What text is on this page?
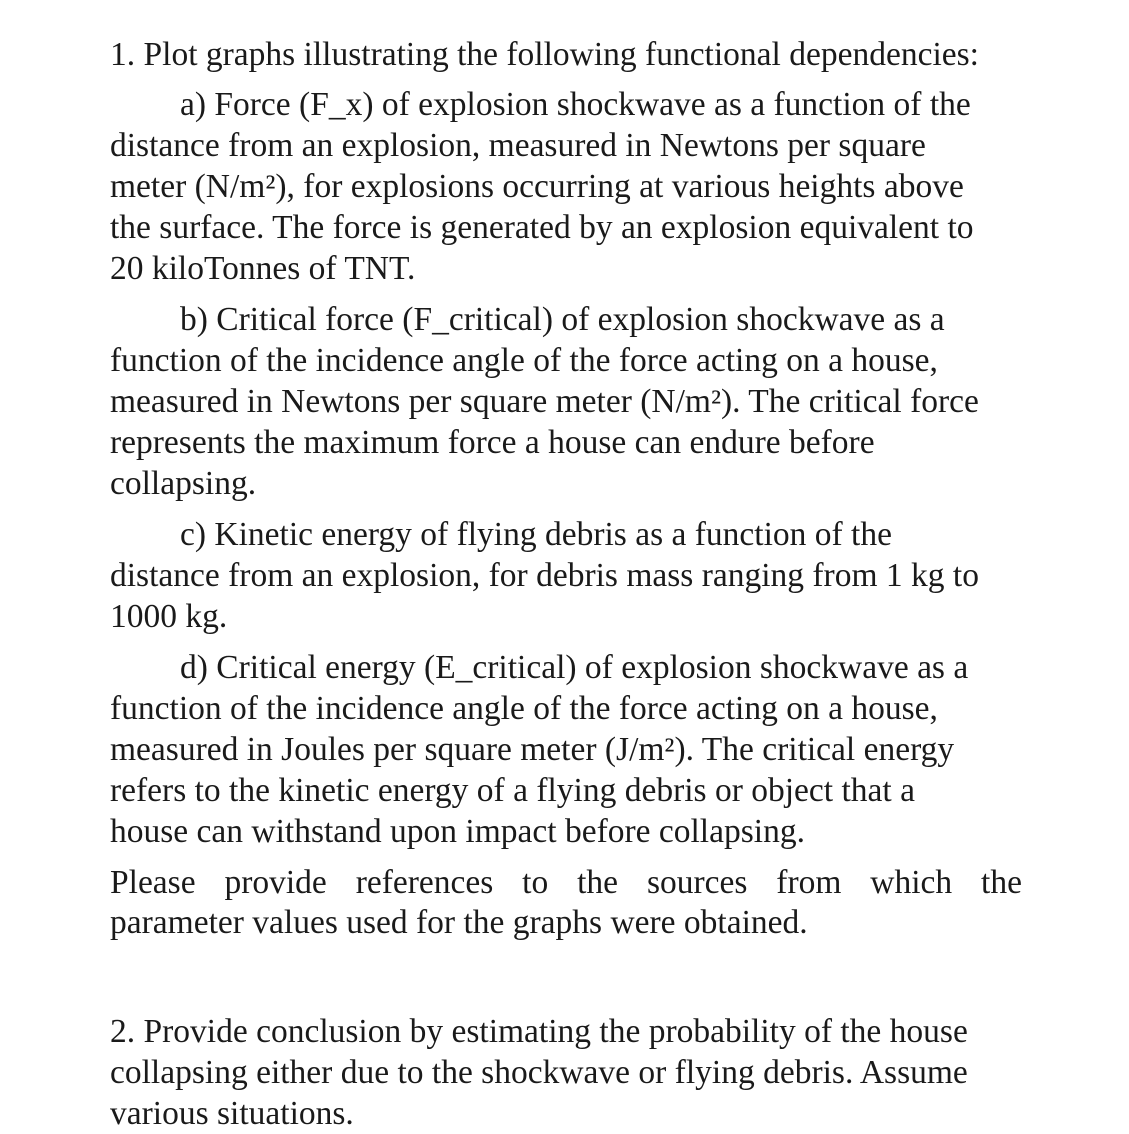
1. Plot graphs illustrating the following functional dependencies:
a) Force (F_x) of explosion shockwave as a function of the
distance from an explosion, measured in Newtons per square
meter (N/m²), for explosions occurring at various heights above
the surface. The force is generated by an explosion equivalent to
20 kiloTonnes of TNT.
b) Critical force (F_critical) of explosion shockwave as a
function of the incidence angle of the force acting on a house,
measured in Newtons per square meter (N/m²). The critical force
represents the maximum force a house can endure before
collapsing.
c) Kinetic energy of flying debris as a function of the
distance from an explosion, for debris mass ranging from 1 kg to
1000 kg.
d) Critical energy (E_critical) of explosion shockwave as a
function of the incidence angle of the force acting on a house,
measured in Joules per square meter (J/m²). The critical energy
refers to the kinetic energy of a flying debris or object that a
house can withstand upon impact before collapsing.
Please provide references to the sources from which the
parameter values used for the graphs were obtained.
2. Provide conclusion by estimating the probability of the house
collapsing either due to the shockwave or flying debris. Assume
various situations.
